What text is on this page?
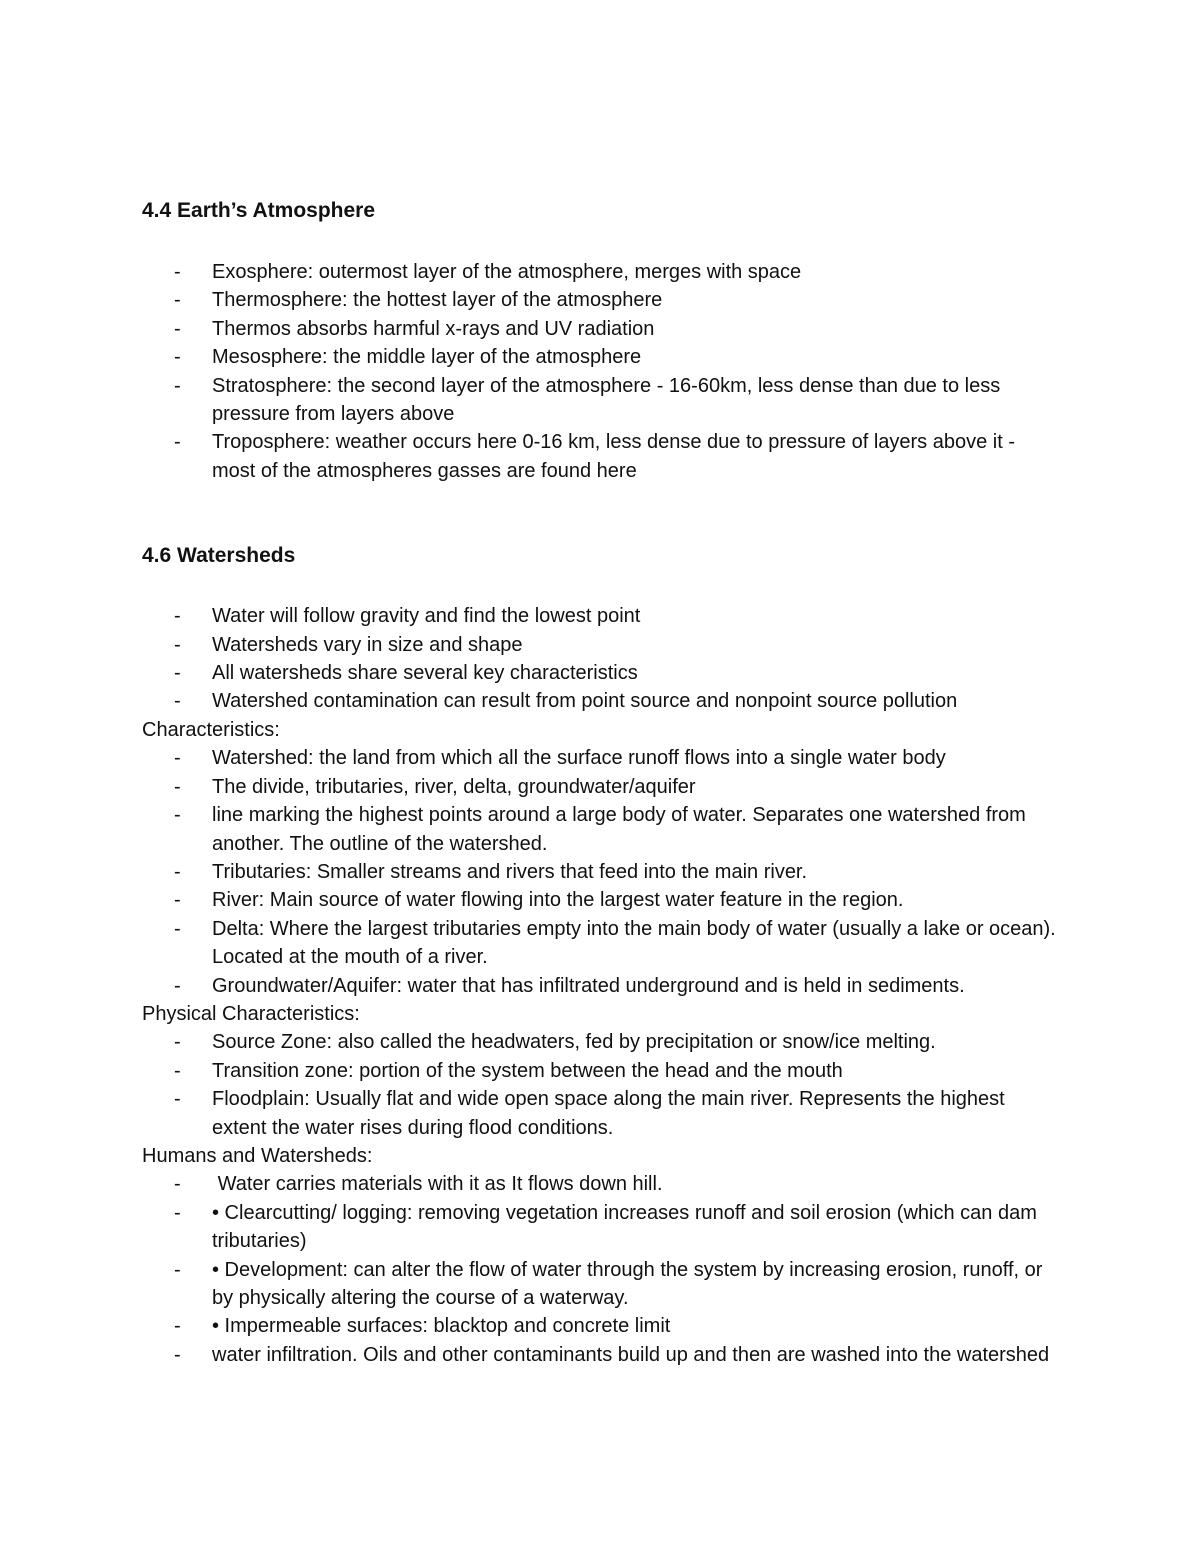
4.4 Earth’s Atmosphere
-	Exosphere: outermost layer of the atmosphere, merges with space
-	Thermosphere: the hottest layer of the atmosphere
-	Thermos absorbs harmful x-rays and UV radiation
-	Mesosphere: the middle layer of the atmosphere
-	Stratosphere: the second layer of the atmosphere - 16-60km, less dense than due to less pressure from layers above
-	Troposphere: weather occurs here 0-16 km, less dense due to pressure of layers above it - most of the atmospheres gasses are found here
4.6 Watersheds
-	Water will follow gravity and find the lowest point
-	Watersheds vary in size and shape
-	All watersheds share several key characteristics
-	Watershed contamination can result from point source and nonpoint source pollution

Characteristics:

-	Watershed: the land from which all the surface runoff flows into a single water body
-	The divide, tributaries, river, delta, groundwater/aquifer
-	line marking the highest points around a large body of water. Separates one watershed from another. The outline of the watershed.
-	Tributaries: Smaller streams and rivers that feed into the main river.
-	River: Main source of water flowing into the largest water feature in the region.
-	Delta: Where the largest tributaries empty into the main body of water (usually a lake or ocean). Located at the mouth of a river.
-	Groundwater/Aquifer: water that has infiltrated underground and is held in sediments.

Physical Characteristics:

-	Source Zone: also called the headwaters, fed by precipitation or snow/ice melting.
-	Transition zone: portion of the system between the head and the mouth
-	Floodplain: Usually flat and wide open space along the main river. Represents the highest extent the water rises during flood conditions.

Humans and Watersheds:

-	Water carries materials with it as It flows down hill.
-	• Clearcutting/ logging: removing vegetation increases runoff and soil erosion (which can dam tributaries)
-	• Development: can alter the flow of water through the system by increasing erosion, runoff, or by physically altering the course of a waterway.
-	• Impermeable surfaces: blacktop and concrete limit
-	water infiltration. Oils and other contaminants build up and then are washed into the watershed
